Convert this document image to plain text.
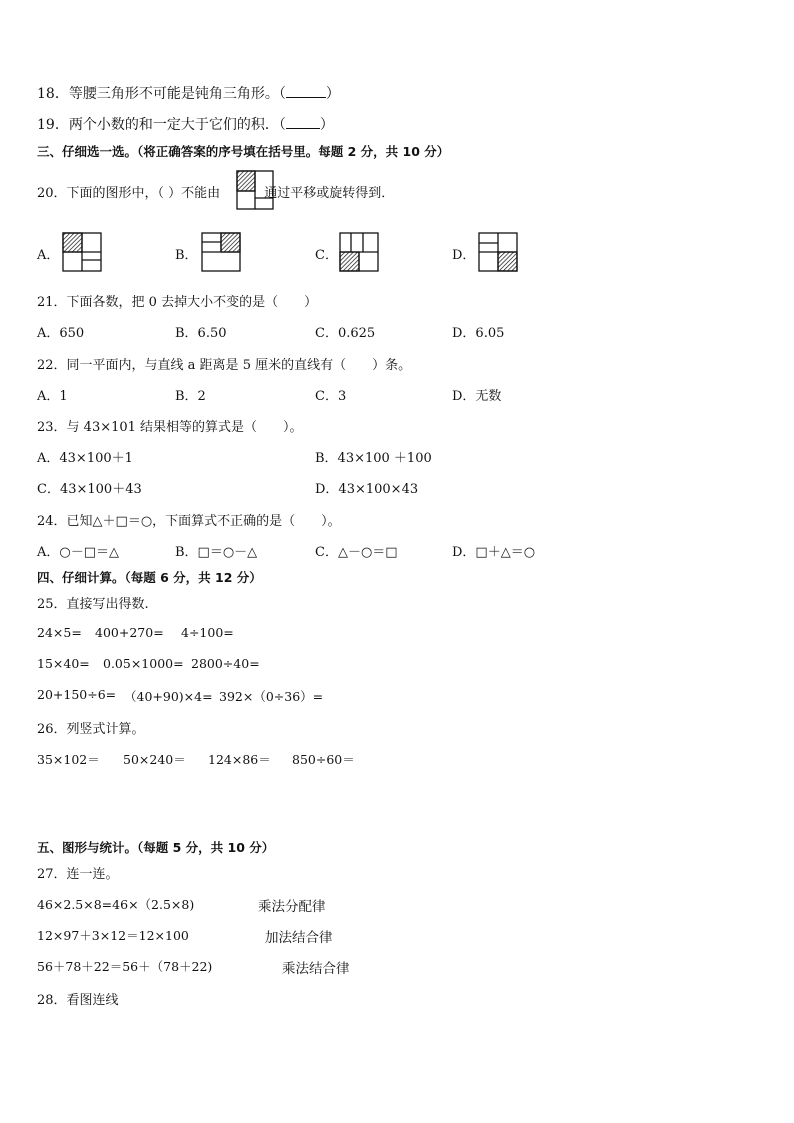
18．等腰三角形不可能是钝角三角形。（	）
19．两个小数的和一定大于它们的积．（ ）
三、仔细选一选。（将正确答案的序号填在括号里。每题 2 分，共 10 分）
20．下面的图形中，（ ）不能由	通过平移或旋转得到．
A．	B．	C．	D．
21．下面各数，把 0 去掉大小不变的是（　　）
A．650	B．6.50	C．0.625	D．6.05
22．同一平面内，与直线 a 距离是 5 厘米的直线有（　　）条。
A．1	B．2	C．3	D．无数
23．与 43×101 结果相等的算式是（　　）。
A．43×100＋1	B．43×100 ＋100
C．43×100＋43	D．43×100×43
24．已知△＋□＝○，下面算式不正确的是（　　）。
A．○－□＝△	B．□＝○－△	C．△－○＝□	D．□＋△＝○
四、仔细计算。（每题 6 分，共 12 分）
25．直接写出得数.
24×5= 400+270= 4÷100=
15×40= 0.05×1000= 2800÷40=
20+150÷6= （40+90)×4= 392×（0÷36）=
26．列竖式计算。
35×102＝ 50×240＝ 124×86＝ 850÷60＝
五、图形与统计。（每题 5 分，共 10 分）
27．连一连。
46×2.5×8=46×（2.5×8)
12×97＋3×12＝12×100
56＋78＋22＝56＋（78＋22)
乘法分配律
加法结合律
乘法结合律
28．看图连线
